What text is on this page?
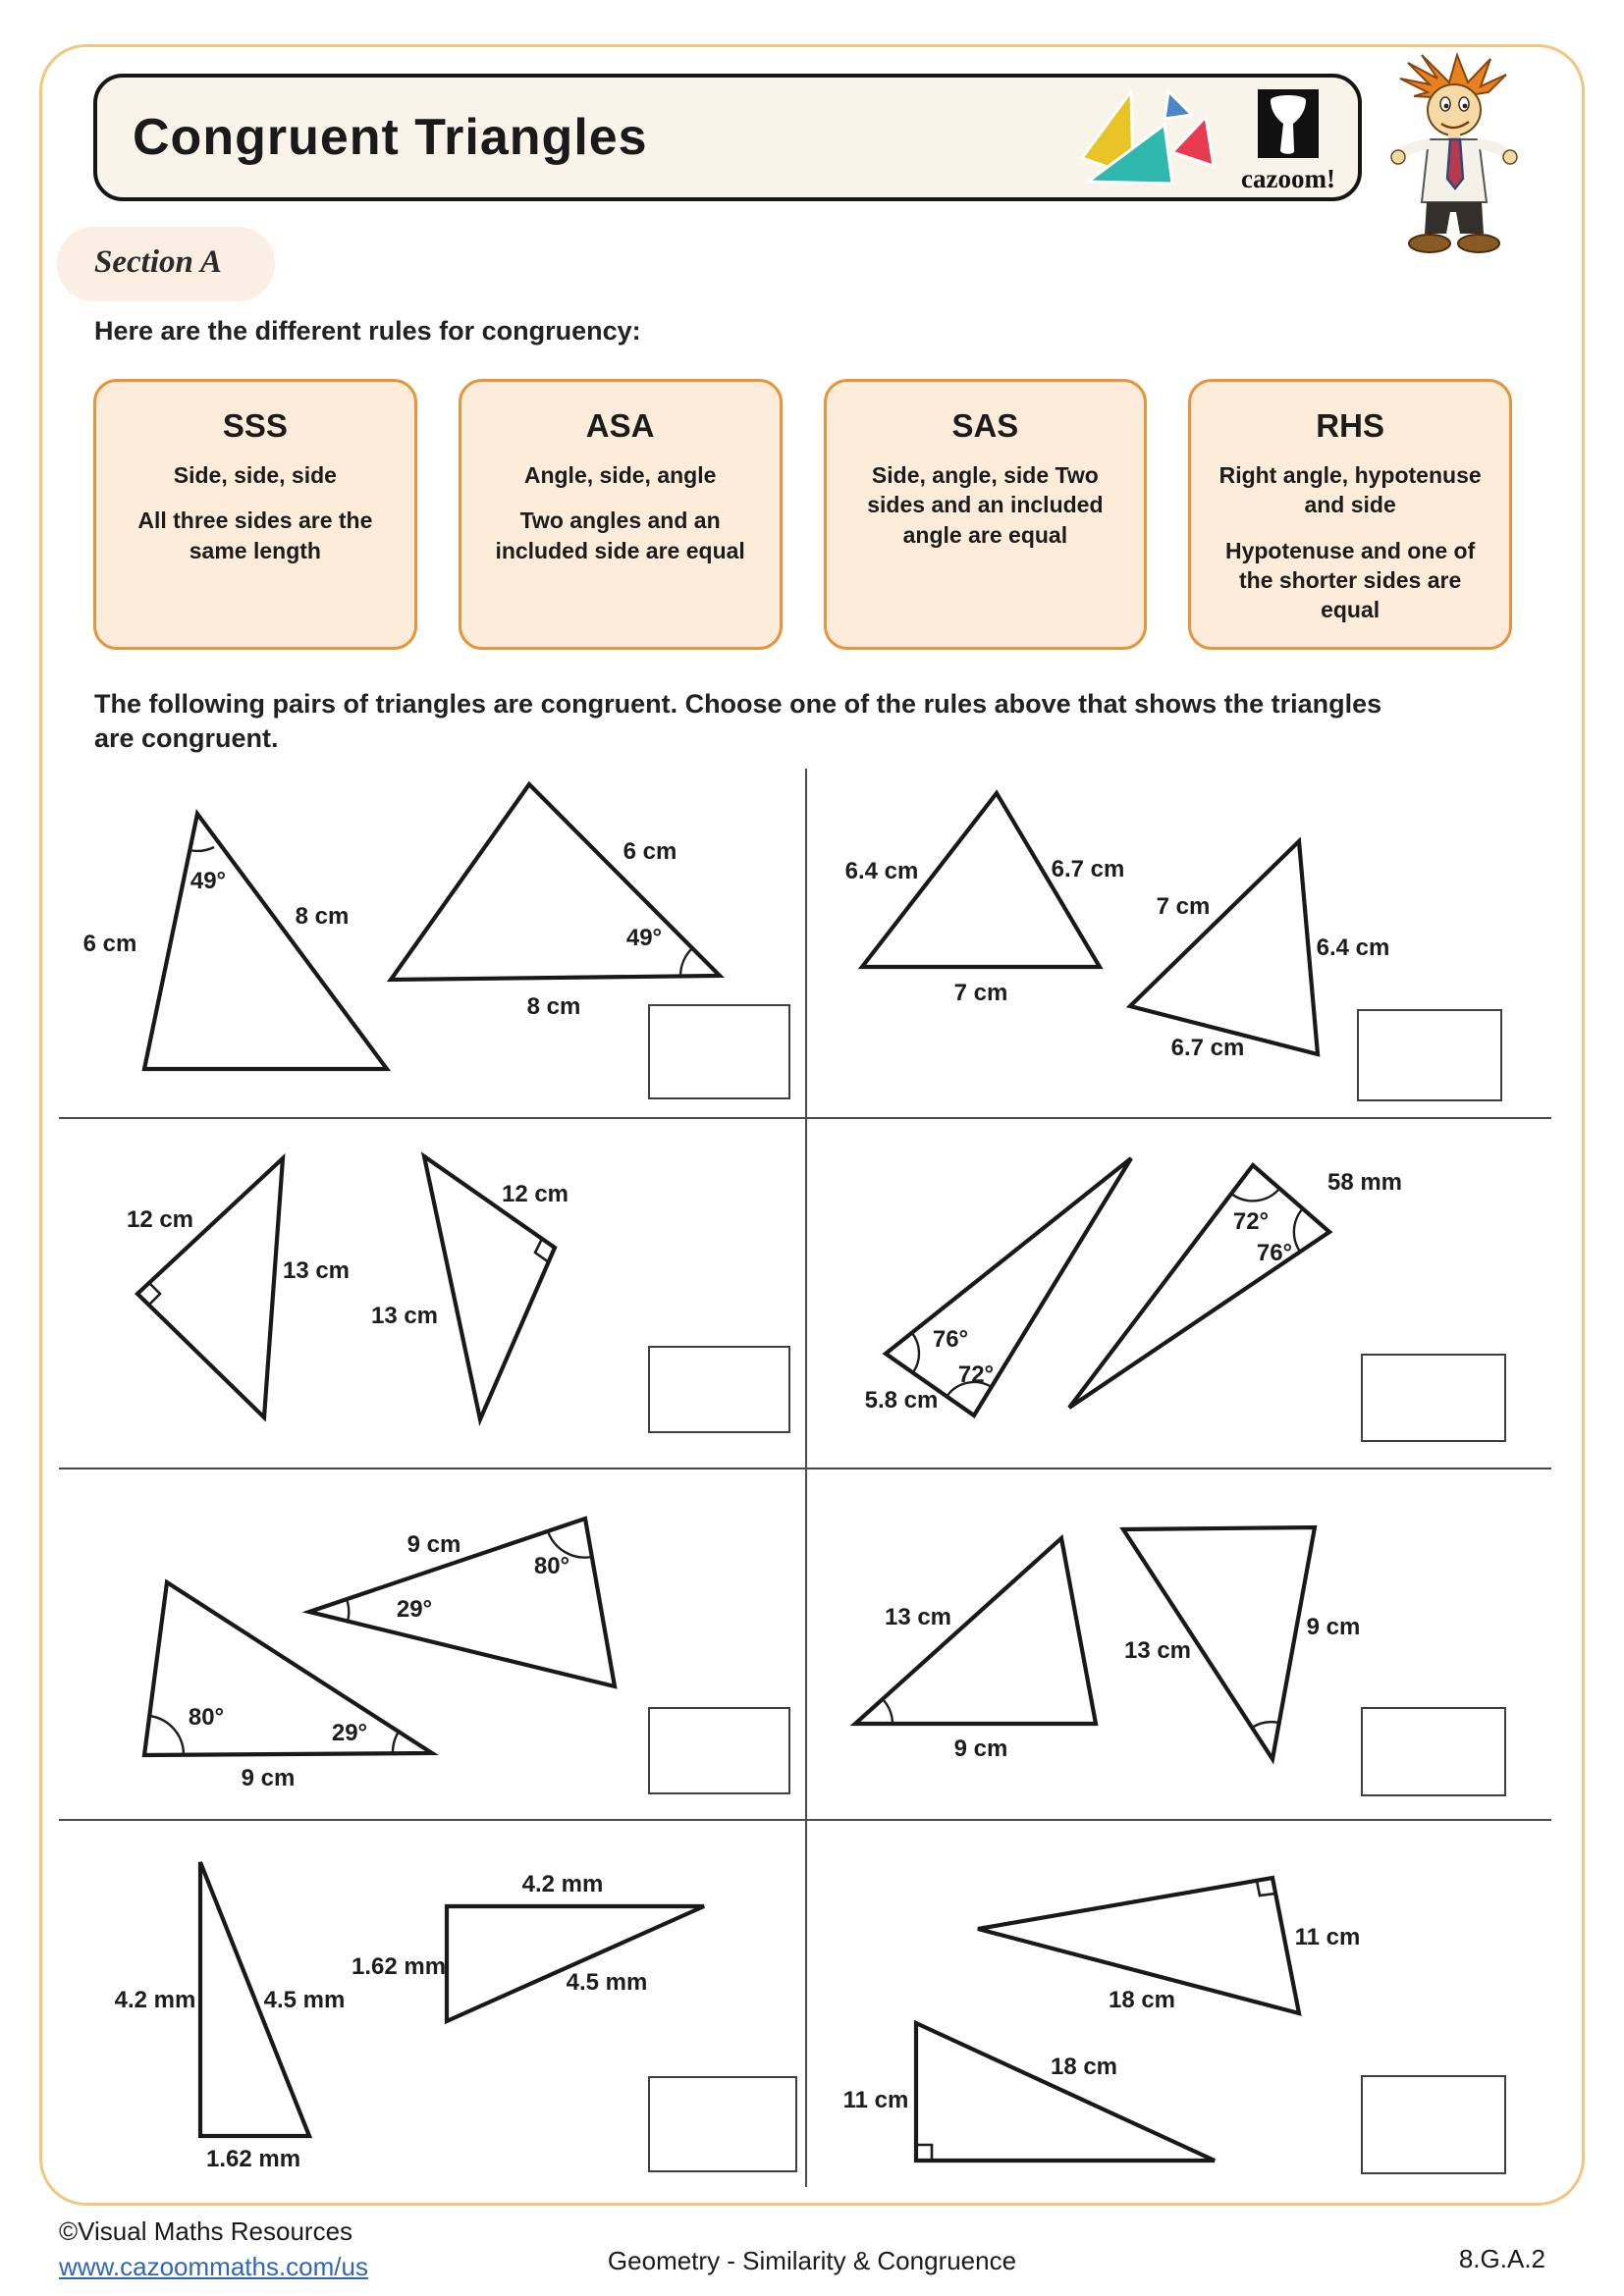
Congruent Triangles
cazoom!
Section A
Here are the different rules for congruency:
SSS

Side, side, side

All three sides are the same length

ASA

Angle, side, angle

Two angles and an included side are equal

SAS

Side, angle, side Two sides and an included angle are equal

RHS

Right angle, hypotenuse and side

Hypotenuse and one of the shorter sides are equal

The following pairs of triangles are congruent. Choose one of the rules above that shows the triangles are congruent.
49°
8 cm
6 cm
6 cm
49°
8 cm
6.4 cm	6.7 cm
7 cm
7 cm
6.4 cm
6.7 cm
12 cm
13 cm
12 cm
13 cm
76°
72°
5.8 cm
72°
58 mm
76°
80°
29°
9 cm
9 cm
80°
29°	13 cm
9 cm
13 cm
9 cm
4.2 mm	4.5 mm
1.62 mm
4.2 mm
1.62 mm
4.5 mm
11 cm
18 cm
11 cm
18 cm
©Visual Maths Resources
www.cazoommaths.com/us	Geometry - Similarity & Congruence	8.G.A.2
